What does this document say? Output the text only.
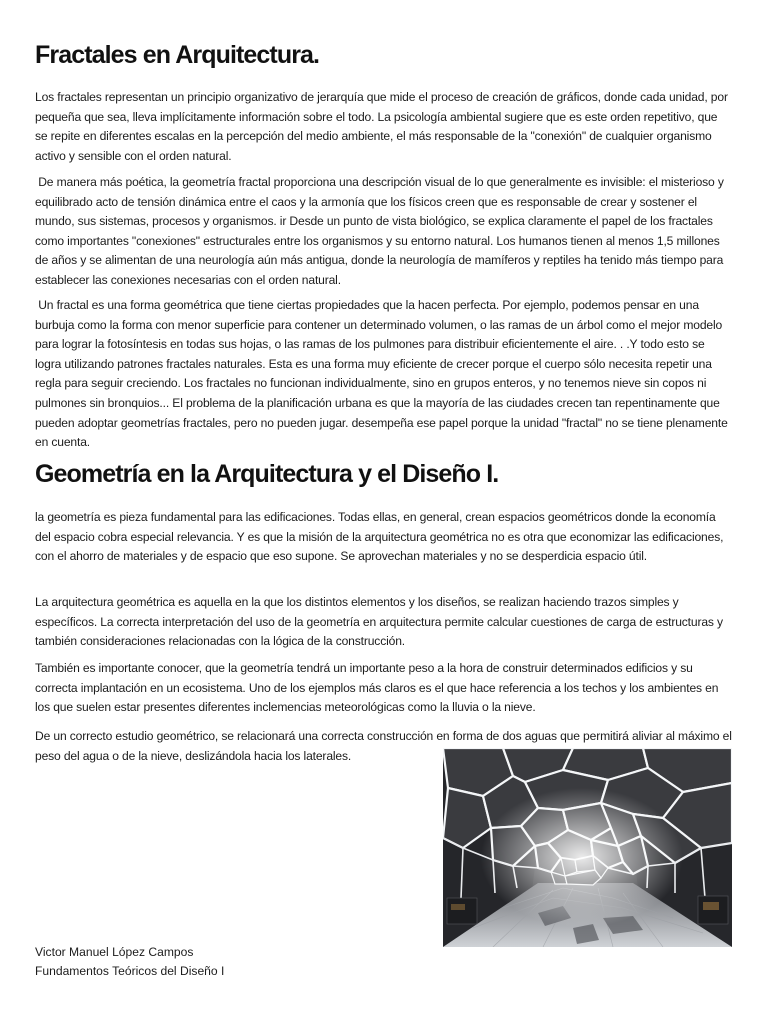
Fractales en Arquitectura.

Los fractales representan un principio organizativo de jerarquía que mide el proceso de creación de gráficos, donde cada unidad, por pequeña que sea, lleva implícitamente información sobre el todo. La psicología ambiental sugiere que es este orden repetitivo, que se repite en diferentes escalas en la percepción del medio ambiente, el más responsable de la "conexión" de cualquier organismo activo y sensible con el orden natural.

De manera más poética, la geometría fractal proporciona una descripción visual de lo que generalmente es invisible: el misterioso y equilibrado acto de tensión dinámica entre el caos y la armonía que los físicos creen que es responsable de crear y sostener el mundo, sus sistemas, procesos y organismos. ir Desde un punto de vista biológico, se explica claramente el papel de los fractales como importantes "conexiones" estructurales entre los organismos y su entorno natural. Los humanos tienen al menos 1,5 millones de años y se alimentan de una neurología aún más antigua, donde la neurología de mamíferos y reptiles ha tenido más tiempo para establecer las conexiones necesarias con el orden natural.

Un fractal es una forma geométrica que tiene ciertas propiedades que la hacen perfecta. Por ejemplo, podemos pensar en una burbuja como la forma con menor superficie para contener un determinado volumen, o las ramas de un árbol como el mejor modelo para lograr la fotosíntesis en todas sus hojas, o las ramas de los pulmones para distribuir eficientemente el aire. . .Y todo esto se logra utilizando patrones fractales naturales. Esta es una forma muy eficiente de crecer porque el cuerpo sólo necesita repetir una regla para seguir creciendo. Los fractales no funcionan individualmente, sino en grupos enteros, y no tenemos nieve sin copos ni pulmones sin bronquios... El problema de la planificación urbana es que la mayoría de las ciudades crecen tan repentinamente que pueden adoptar geometrías fractales, pero no pueden jugar. desempeña ese papel porque la unidad "fractal" no se tiene plenamente en cuenta.

Geometría en la Arquitectura y el Diseño I.

la geometría es pieza fundamental para las edificaciones. Todas ellas, en general, crean espacios geométricos donde la economía del espacio cobra especial relevancia. Y es que la misión de la arquitectura geométrica no es otra que economizar las edificaciones, con el ahorro de materiales y de espacio que eso supone. Se aprovechan materiales y no se desperdicia espacio útil.

La arquitectura geométrica es aquella en la que los distintos elementos y los diseños, se realizan haciendo trazos simples y específicos. La correcta interpretación del uso de la geometría en arquitectura permite calcular cuestiones de carga de estructuras y también consideraciones relacionadas con la lógica de la construcción.

También es importante conocer, que la geometría tendrá un importante peso a la hora de construir determinados edificios y su correcta implantación en un ecosistema. Uno de los ejemplos más claros es el que hace referencia a los techos y los ambientes en los que suelen estar presentes diferentes inclemencias meteorológicas como la lluvia o la nieve.

De un correcto estudio geométrico, se relacionará una correcta construcción en forma de dos aguas que permitirá aliviar al máximo el peso del agua o de la nieve, deslizándola hacia los laterales.

Victor Manuel López Campos

Fundamentos Teóricos del Diseño I
